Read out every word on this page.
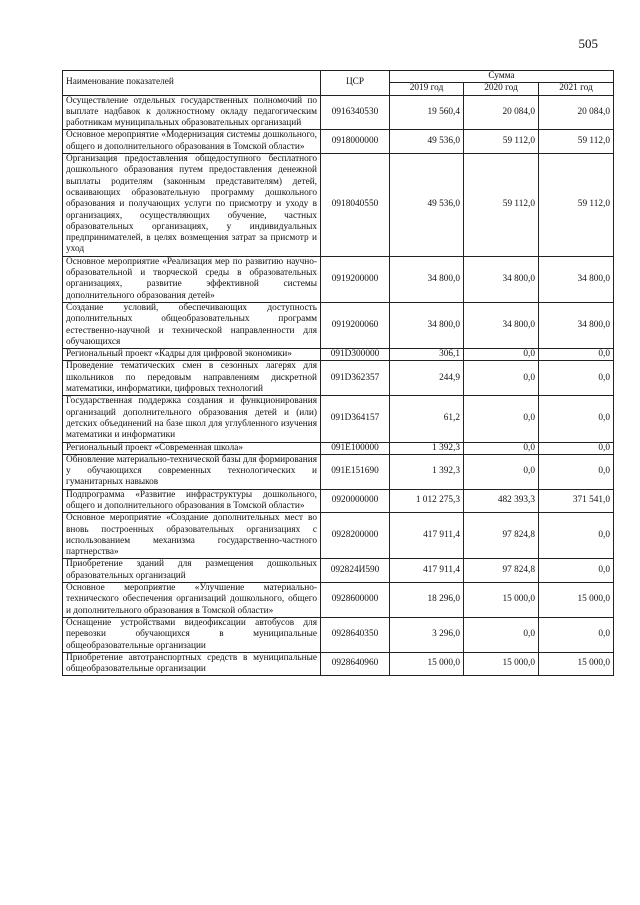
505
Наименование показателей	ЦСР	Сумма		
		2019 год	2020 год	2021 год
Осуществление отдельных государственных полномочий по выплате надбавок к должностному окладу педагогическим работникам муниципальных образовательных организаций	0916340530	19 560,4	20 084,0	20 084,0
Основное мероприятие «Модернизация системы дошкольного, общего и дополнительного образования в Томской области»	0918000000	49 536,0	59 112,0	59 112,0
Организация предоставления общедоступного бесплатного дошкольного образования путем предоставления денежной выплаты родителям (законным представителям) детей, осваивающих образовательную программу дошкольного образования и получающих услуги по присмотру и уходу в организациях, осуществляющих обучение, частных образовательных организациях, у индивидуальных предпринимателей, в целях возмещения затрат за присмотр и уход	0918040550	49 536,0	59 112,0	59 112,0
Основное мероприятие «Реализация мер по развитию научно-образовательной и творческой среды в образовательных организациях, развитие эффективной системы дополнительного образования детей»	0919200000	34 800,0	34 800,0	34 800,0
Создание условий, обеспечивающих доступность дополнительных общеобразовательных программ естественно-научной и технической направленности для обучающихся	0919200060	34 800,0	34 800,0	34 800,0
Региональный проект «Кадры для цифровой экономики»	091D300000	306,1	0,0	0,0
Проведение тематических смен в сезонных лагерях для школьников по передовым направлениям дискретной математики, информатики, цифровых технологий	091D362357	244,9	0,0	0,0
Государственная поддержка создания и функционирования организаций дополнительного образования детей и (или) детских объединений на базе школ для углубленного изучения математики и информатики	091D364157	61,2	0,0	0,0
Региональный проект «Современная школа»	091E100000	1 392,3	0,0	0,0
Обновление материально-технической базы для формирования у обучающихся современных технологических и гуманитарных навыков	091E151690	1 392,3	0,0	0,0
Подпрограмма «Развитие инфраструктуры дошкольного, общего и дополнительного образования в Томской области»	0920000000	1 012 275,3	482 393,3	371 541,0
Основное мероприятие «Создание дополнительных мест во вновь построенных образовательных организациях с использованием механизма государственно-частного партнерства»	0928200000	417 911,4	97 824,8	0,0
Приобретение зданий для размещения дошкольных образовательных организаций	092824И590	417 911,4	97 824,8	0,0
Основное мероприятие «Улучшение материально-технического обеспечения организаций дошкольного, общего и дополнительного образования в Томской области»	0928600000	18 296,0	15 000,0	15 000,0
Оснащение устройствами видеофиксации автобусов для перевозки обучающихся в муниципальные общеобразовательные организации	0928640350	3 296,0	0,0	0,0
Приобретение автотранспортных средств в муниципальные общеобразовательные организации	0928640960	15 000,0	15 000,0	15 000,0
